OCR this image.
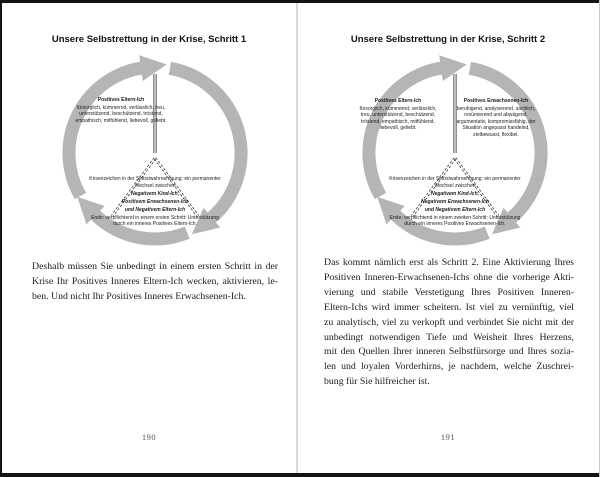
Unsere Selbstrettung in der Krise, Schritt 1
Positives Eltern-Ich
fürsorglich, kümmernd, verlässlich, treu, unterstützend, beschützend, tröstend, empathisch, mitfühlend, liebevoll, geliebt.
Krisenzeichen in der Selbstwahrnehmung: ein permanenter Wechsel zwischen
Negativem Kind-Ich,
Positivem Erwachsenen-Ich
und Negativem Eltern-Ich
Ende: verpflichtend in einem ersten Schritt: Unterstützung durch ein inneres Positives Eltern-Ich.
Deshalb müssen Sie unbedingt in einem ersten Schritt in der
Krise Ihr Positives Inneres Eltern-Ich wecken, aktivieren, le-
ben. Und nicht Ihr Positives Inneres Erwachsenen-Ich.
190
Unsere Selbstrettung in der Krise, Schritt 2
Positives Eltern-Ich
fürsorglich, kümmernd, verlässlich, treu, unterstützend, beschützend, tröstend, empathisch, mitfühlend, liebevoll, geliebt.
Positives Erwachsenen-Ich
beruhigend, analysierend, sachlich, resümierend und abwägend, argumentativ, kompromissfähig, der Situation angepasst handelnd, zielbewusst, flexibel.
Krisenzeichen in der Selbstwahrnehmung: ein permanenter Wechsel zwischen
Negativem Kind-Ich,
Negativem Erwachsenen-Ich
und Negativem Eltern-Ich
Ende: verpflichtend in einem zweiten Schritt: Unterstützung durch ein inneres Positives Erwachsenen-Ich.
Das kommt nämlich erst als Schritt 2. Eine Aktivierung Ihres
Positiven Inneren-Erwachsenen-Ichs ohne die vorherige Akti-
vierung und stabile Verstetigung Ihres Positiven Inneren-
Eltern-Ichs wird immer scheitern. Ist viel zu vernünftig, viel
zu analytisch, viel zu verkopft und verbindet Sie nicht mit der
unbedingt notwendigen Tiefe und Weisheit Ihres Herzens,
mit den Quellen Ihrer inneren Selbstfürsorge und Ihres sozia-
len und loyalen Vorderhirns, je nachdem, welche Zuschrei-
bung für Sie hilfreicher ist.
191
